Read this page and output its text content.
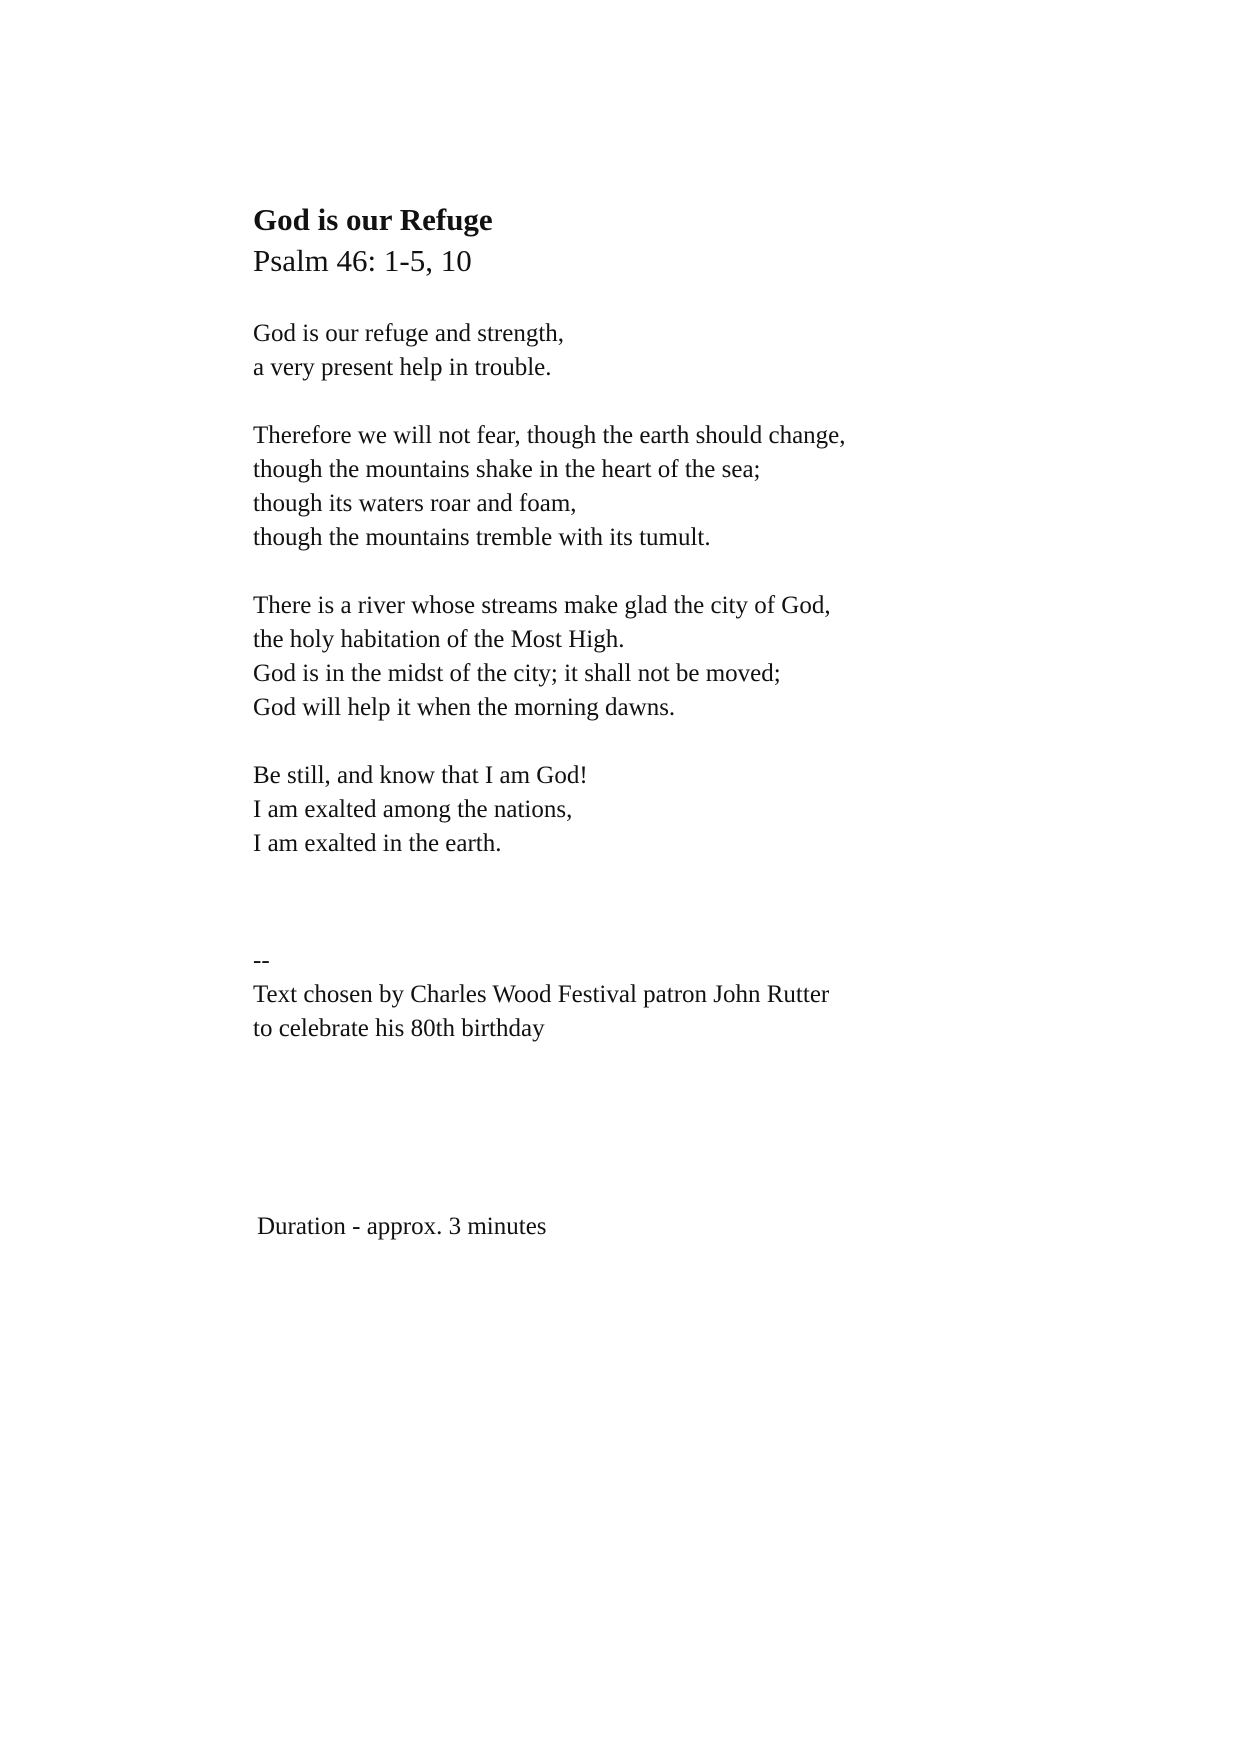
God is our Refuge
Psalm 46: 1-5, 10
God is our refuge and strength,
a very present help in trouble.
Therefore we will not fear, though the earth should change,
though the mountains shake in the heart of the sea;
though its waters roar and foam,
though the mountains tremble with its tumult.
There is a river whose streams make glad the city of God,
the holy habitation of the Most High.
God is in the midst of the city; it shall not be moved;
God will help it when the morning dawns.
Be still, and know that I am God!
I am exalted among the nations,
I am exalted in the earth.
--
Text chosen by Charles Wood Festival patron John Rutter
to celebrate his 80th birthday
Duration - approx. 3 minutes
